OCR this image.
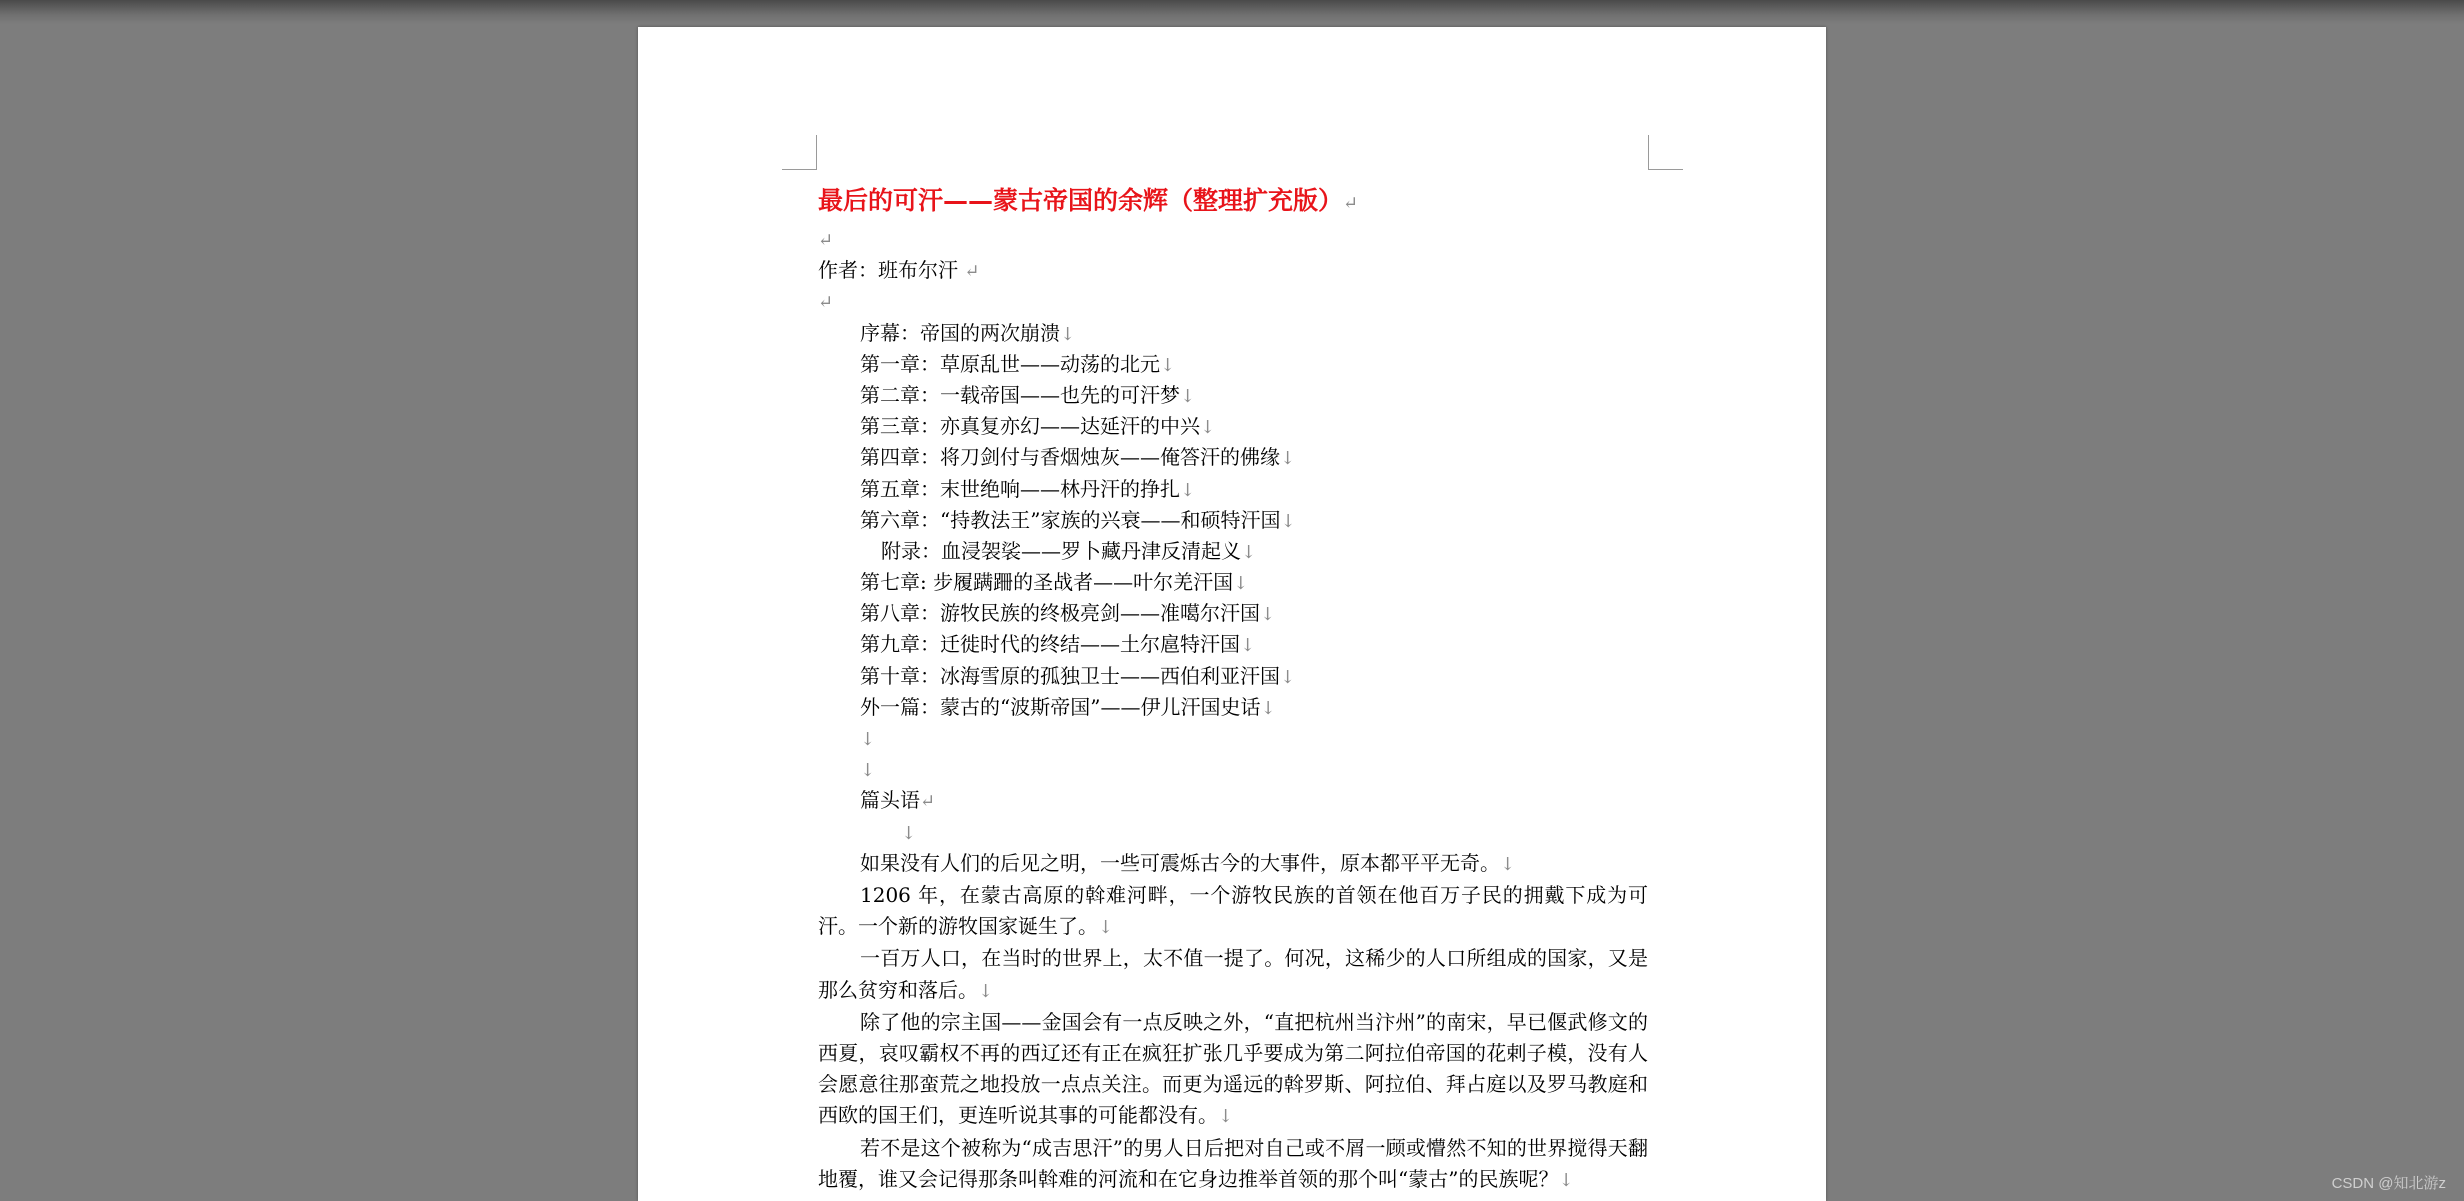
最后的可汗——蒙古帝国的余辉（整理扩充版）↵
↵
作者：班布尔汗 ↵
↵
序幕：帝国的两次崩溃↓
第一章：草原乱世——动荡的北元↓
第二章：一载帝国——也先的可汗梦↓
第三章：亦真复亦幻——达延汗的中兴↓
第四章：将刀剑付与香烟烛灰——俺答汗的佛缘↓
第五章：末世绝响——林丹汗的挣扎↓
第六章：“持教法王”家族的兴衰——和硕特汗国↓
附录：血浸袈裟——罗卜藏丹津反清起义↓
第七章: 步履蹒跚的圣战者——叶尔羌汗国↓
第八章：游牧民族的终极亮剑——准噶尔汗国↓
第九章：迁徙时代的终结——土尔扈特汗国↓
第十章：冰海雪原的孤独卫士——西伯利亚汗国↓
外一篇：蒙古的“波斯帝国”——伊儿汗国史话↓
↓
↓
篇头语↵
↓

如果没有人们的后见之明，一些可震烁古今的大事件，原本都平平无奇。↓

1206 年，在蒙古高原的斡难河畔，一个游牧民族的首领在他百万子民的拥戴下成为可汗。一个新的游牧国家诞生了。↓

一百万人口，在当时的世界上，太不值一提了。何况，这稀少的人口所组成的国家，又是那么贫穷和落后。↓

除了他的宗主国——金国会有一点反映之外，“直把杭州当汴州”的南宋，早已偃武修文的西夏，哀叹霸权不再的西辽还有正在疯狂扩张几乎要成为第二阿拉伯帝国的花剌子模，没有人会愿意往那蛮荒之地投放一点点关注。而更为遥远的斡罗斯、阿拉伯、拜占庭以及罗马教庭和西欧的国王们，更连听说其事的可能都没有。↓

若不是这个被称为“成吉思汗”的男人日后把对自己或不屑一顾或懵然不知的世界搅得天翻地覆，谁又会记得那条叫斡难的河流和在它身边推举首领的那个叫“蒙古”的民族呢？↓	CSDN @知北游z
